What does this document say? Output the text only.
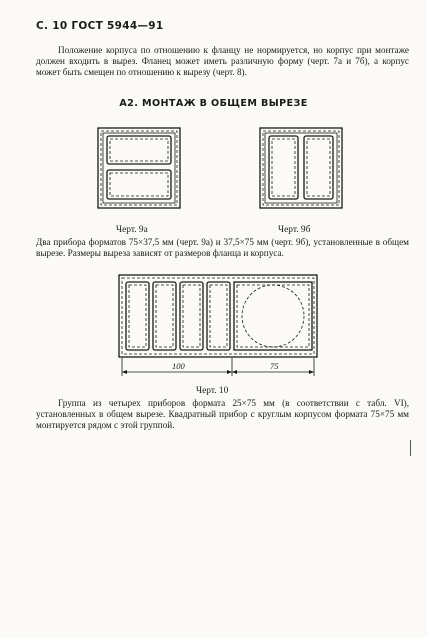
С. 10 ГОСТ 5944—91

Положение корпуса по отношению к фланцу не нормируется, но корпус при монтаже должен входить в вырез. Фланец может иметь различную форму (черт. 7а и 7б), а корпус может быть смещен по отношению к вырезу (черт. 8).

А2. МОНТАЖ В ОБЩЕМ ВЫРЕЗЕ
Черт. 9а	Черт. 9б

Два прибора форматов 75×37,5 мм (черт. 9а) и 37,5×75 мм (черт. 9б), установленные в общем вырезе. Размеры выреза зависят от размеров фланца и корпуса.

100	75
Черт. 10

Группа из четырех приборов формата 25×75 мм (в соответствии с табл. VI), установленных в общем вырезе. Квадратный прибор с круглым корпусом формата 75×75 мм монтируется рядом с этой группой.
